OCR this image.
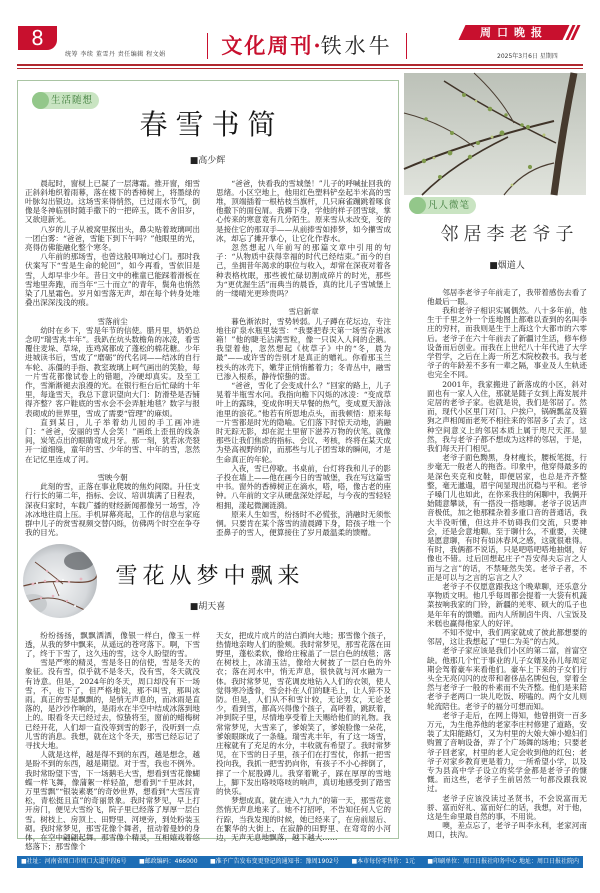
8
统筹 李续 董雪丹 责任编辑 程文娟	文化周刊·铁水牛
周口晚报
2025年3月6日 星期四
生活随想
春雪书简
■高少辉

晨起时，窗棂上已凝了一层薄霜。推开窗，细雪正斜斜地织着雨幕，落在楼下的香樟树上，将墨绿的叶脉勾出银边。这场雪来得悄然，已过雨水节气，倒像是冬神临别时随手撒下的一把碎玉，既不舍旧岁，又欲迎新光。

八岁的儿子从被窝里探出头，鼻尖贴着玻璃呵出一团白雾：“爸爸，雪能下到下午吗？”他眼里的光，亮得仿佛能融化整个寒冬。

八年前的那场雪，也曾这般叩响过心门。那时我伏案写下“雪是生命的轮回”，如今再看，雪依旧是雪，人却早非少年。昔日文中的稚童已能踩着滑板在雪地里奔跑，而当年“三十而立”的青年，鬓角也悄然染了几星霜色。岁月如雪落无声，却在每个转身处堆叠出深深浅浅的痕。

雪落前尘

幼时在乡下，雪是年节的信使。腊月里，奶奶总念叨“瑞雪兆丰年”。我趴在炕头数檐角的冰凌，看雪覆住麦垛、草垛，连鸡窝都成了蓬松的棉花糖。少年进城读书后，雪成了“磨砺”的代名词——结冰的自行车轮、冻僵的手指、教室玻璃上呵气画出的笑脸，每一片雪花都像试卷上的错题，冷硬却真实。及至工作，雪渐渐褪去浪漫的光。在银行柜台后忙碌的十年里，每逢雪天，我总下意识望向大门：防滑垫是否铺得齐整？客户鞋底的雪水会不会弄脏地毯？数字与报表砌成的世界里，雪成了需要“管理”的麻烦。

直到某日，儿子举着幼儿园的手工画冲进门：“爸爸，安丽的雪人会笑！”画纸上歪扭的线条间，炭笔点出的眼睛弯成月牙。那一刻，犹若冰壳裂开一道细缝，童年的雪、少年的雪、中年的雪，忽然在记忆里连成了河。

雪映今朝

此刻的雪，正落在事业爬坡的焦灼间隙。升任支行行长的第二年，指标、会议、培训填满了日程表，深夜归家时，车载广播的财经新闻都像另一场雪，冷冰冰地往肩上压。手机屏幕亮起，工作的信息与家庭群中儿子的赏雪视频交替闪烁，仿佛两个时空在争夺我的目光。

“爸爸，快看我的雪城堡！”儿子的呼喊扯回我的思绪。小区空地上，他用红色塑料铲垒起半米高的雪堆，顶端插着一根枯枝当旗杆，几只麻雀蹦跳着啄食他撒下的面包屑。我蹲下身，学他的样子团雪球，掌心传来的寒意竟有几分陌生。原来雪从未改变，变的是接住它的那双手——从前捧雪如捧梦，如今攥雪成冰，却忘了摊开掌心，让它化作春水。

忽然想起八年前写的那篇文章中引用的句子：“从物质中获得幸福的时代已经结束。”而今的自己，坐拥昔年渴求的职位与收入，却常在深夜对着各种表格枕眠，那些被忙碌切割成碎片的时光，那些为“更优渥生活”而典当的晨昏，真的比儿子雪城堡上的一缕晴光更珍贵吗？

雪启新章

暮色渐浓时，雪势转弱。儿子蹲在花坛边，专注地往矿泉水瓶里装雪：“我要把春天第一场雪存进冰箱！”他的睫毛沾满雪粒，像一只误入人间的企鹅。我望着他，忽然想起《枕草子》中的“冬，晨为最”——或许雪的告别才是真正的赠礼。你看那玉兰枝头的冰壳下，嫩芽正悄悄蓄着力；冬青丛中，融雪已渗入根系，静待惊蛰的雷。

“爸爸，雪化了会变成什么？”回家的路上，儿子晃着半瓶雪水问。我指向檐下闪烁的冰凌：“变成草叶上的露珠，变成你明天早餐的热气，变成夏天游泳池里的浪花。”他若有所思地点头，而我顿悟：原来每一片雪都是时光的隐喻。它们落下时惊天动地，消融时无踪无影，却在泥土里留下滋养万物的伏笔。就像那些让我们焦虑的指标、会议、考核，终将在某天成为垫高视野的阶，而那些与儿子团雪球的瞬间，才是生命真正的年轮。

入夜，雪已停歇。书桌前，台灯将我和儿子的影子投在墙上——他在画今日的雪城堡，我在写这篇雪中书。窗外的香樟树正在滴水，嗒，嗒，像古老的座钟。八年前的文字从硬盘深处浮起，与今夜的雪轻轻相拥，漾起微澜涟漪。

原来人生如雪，纷扬时不必慌张，消融时无须怅惘。只要肯在某个落雪的清晨蹲下身，陪孩子堆一个歪鼻子的雪人，便算接住了岁月最温柔的馈赠。

雪花从梦中飘来
■胡天喜

纷纷扬扬，飘飘洒洒，像银一样白，像玉一样透，从我的梦中飘来，从遥远的苍穹落下。啊，下雪了，终于下雪了，这久违的雪，这令人盼望的雪。

雪是严寒的精灵，雪是冬日的信使，雪是冬天的象征。没有雪，似乎就不是冬天，没有雪，冬天就没有诗意。但是，2024年的冬天，周口却没有下一场雪，不，也下了，但严格地说，那不叫雪，那叫冰雨。真正的雪是飘飘的，是悄无声息的，而冰雨是直落的，是沙沙作响的，是雨水在半空中结成冰落到地上的。眼看冬天已经过去，惊蛰将至，窗前的蜡梅树已经开花，人们却一直没等到雪的影子，没听到一点儿雪的消息。我想，就在这个冬天，那雪已经忘记了寻找大地。

人就是这样，越是得不到的东西，越是想念，越是盼不到的东西，越是期望。对于雪，我也不例外。我时常盼望下雪，下一场鹅毛大雪，想看到雪花像蝴蝶一样飞舞，像蒲絮一样轻盈，想看到“千里冰封，万里雪飘”“银装素裹”的奇妙世界，想看到“大雪压青松，青松挺且直”的奇丽景象。我时常梦见，早上打开房门，便见大雪纷飞，院子里已经落了厚厚一层白雪。树枝上、房顶上、田野里、河埂旁，到处粉装玉砌。我时常梦见，那雪花像个舞者，扭动着曼妙的身体，在空中翩翩起舞。那雪像个精灵，互相嬉戏着悠悠落下；那雪像个

天女，把成片成片的洁白洒向大地；那雪像个孩子，热情地亲吻人们的脸颊。我时常梦见，那雪花落在田野里，蓬松柔软，像给庄稼盖了一层白色的绒毯；落在树枝上，冰清玉洁，像给大树披了一层白色的外衣；落在河水中，悄无声息，很快就与河水融为一体。我时常梦见，雪花调皮地钻入人们的衣领，使人觉得寒冷透骨，雪会扑在人们的睫毛上，让人猝不及防。但是，人们从不和雪计较，无论男女，无论老少，看到雪，都高兴得像个孩子，高呼着，跳跃着，冲到院子里，尽情地享受着上天赐给他们的礼物。我常常梦见，大雪来了，爹娘笑了，爹娘脸像一朵花，爹娘眼眯成了一条缝。瑞雪兆丰年，有了这一场雪，庄稼就有了充足的水分，丰收就有希望了。我时常梦见，在下雪的日子里，孩子们在打雪仗，你抓一把雪投向我，我抓一把雪扔向你，有孩子不小心摔倒了，摔了一个屁股蹲儿。我穿着靴子，踩在厚厚的雪地上，脚下发出咯吱咯吱的响声，真切地感受到了踏雪的快乐。

梦想成真。就在进入“九九”的第一天，那雪花竟然悄无声息地来了。她不打招呼，不告知任何人它的行踪，当我发现的时候，她已经来了，在房前屋后、在繁华的大街上、在寂静的田野里、在弯弯的小河边，无声无息地飘落，越下越大……

凡人微笔
邻居李老爷子
■烟道人

邻居李老爷子年前走了，我带着感伤去看了他最后一眼。

我和老爷子相识实属偶然。八十多年前，他生于千里之外一个连地图上都难以查到的名叫李庄的穷村，而我则是生于上海这个大都市的六零后。老爷子在六十年前去了新疆讨生活，修车修设备而后创业。而我在上世纪八十年代进了大学学哲学，之后在上海一所艺术院校教书。我与老爷子的年龄差不多有一辈之隔，事业及人生轨迹也完全不同。

2001年，我家搬进了新落成的小区，斜对面也有一家人入住，那就是随子女到上海发展并定居的老爷子家。也就是说，我们是邻居了。然而，现代小区里门对门、户挨户，锅碗瓢盆及猫狗之声相闻而老死不相往来的邻居多了去了，这种空间意义上的邻居本质上属于咫尺天涯。显然，我与老爷子都不想成为这样的邻居，于是，我们每天开门相见。

老爷子面色黝黑，身材瘦长，腰板笔挺，行步毫无一般老人的拖沓。印象中，他穿得最多的是深色夹克和皮鞋，即便居家，也总是齐齐整整，毫无邋遢，眉宇间显现出沉稳与平和。老爷子嗓门儿也如此，在你来我往的闲聊中，我俩开始随意攀谈，有一搭没一搭地聊。老爷子说话声音极低，加之他那糅杂着多重口音的普通话，我大半没听懂，但这并不妨碍我们交流，只要神会，还是会意地聊。至于聊什么，不重要，关键是愿意聊，有时有如沐春风之感，这就很难得。有时，我俩都不说话，只是吧嗒吧嗒地抽烟，好像也不错。过后回想起庄子“吾安得夫忘言之人而与之言”的话，不禁哑然失笑。老爷子者，不正是可以与之言的忘言之人？

老爷子不仅愿意跟我这个晚辈聊，还乐意分享物质文明。他几乎每周都会提着一大袋有机蔬菜按响我家的门铃，新疆的羌枣、硕大的瓜子也是年年有的馈赠。而内人所制卤牛肉、八宝饭及米糕也赢得他家人的好评。

不知不觉中，我们两家就成了彼此都想要的邻居，这让我想起了“里仁为美”的古风。

老爷子家应该是我们小区的第二富，首富空缺。他那几个忙于事业的儿子女婿及孙儿每周定期会驾着豪车来看他们。豪车上下来的子女们行头全无亮闪闪的皮带和奢侈品名牌包包，穿着全然与老爷子一般的朴素而不失齐整。他们是来陪老爷子老两口一块儿吃饭、唠嗑的。两个女儿则轮流陪住。老爷子的福分可想而知。

老爷子走后，在网上得知，他曾捐资一百多万元，为生他养他的老家李庄村修建了道路，安装了太阳能路灯，又为村里的大娘大婶小媳妇们购置了音响设备，弄了个广场舞的场地；只要老爷子回老家，村里的老人定会收到他的红包；老爷子对家乡教育更是着力，一所希望小学，以及专为县高中学子设立的奖学金都是老爷子的慷慨。而这些，老爷子生前居然一句都没跟我说过。

老爷子应该没读过圣贤书，不会说富而无骄、富而好礼、富而好仁的话，我想，对于他，这是生命里最自然的事，不用说。

噢，差点忘了，老爷子叫李永利，老家河南周口，扶沟。

■社址：河南省周口市周口大道中段6号 ■邮政编码：466000 ■准予广告发布变更登记的通知书：豫周1902号 ■本市每份零售价：1元 ■印刷单位：周口日报社印务中心 地址：周口日报社院内
